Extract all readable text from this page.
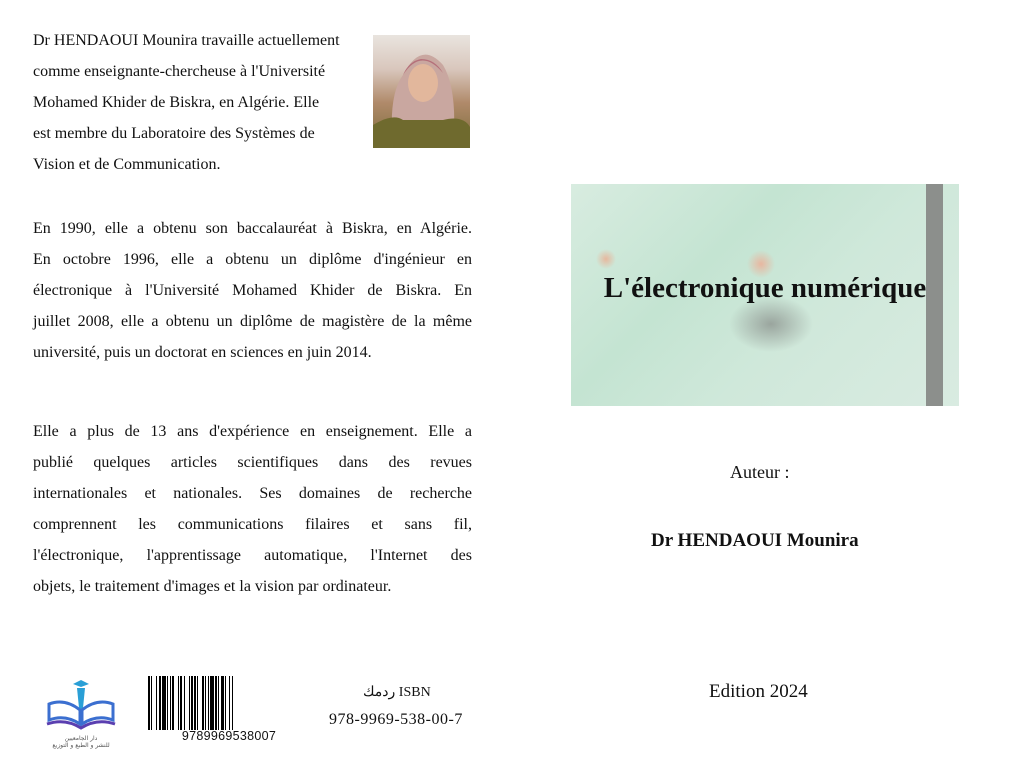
Dr HENDAOUI Mounira travaille actuellement
comme enseignante-chercheuse à l'Université
Mohamed Khider de Biskra, en Algérie. Elle
est membre du Laboratoire des Systèmes de
Vision et de Communication.
En 1990, elle a obtenu son baccalauréat à Biskra, en Algérie.
En octobre 1996, elle a obtenu un diplôme d'ingénieur en
électronique à l'Université Mohamed Khider de Biskra. En
juillet 2008, elle a obtenu un diplôme de magistère de la même
université, puis un doctorat en sciences en juin 2014.
Elle a plus de 13 ans d'expérience en enseignement. Elle a
publié quelques articles scientifiques dans des revues
internationales et nationales. Ses domaines de recherche
comprennent les communications filaires et sans fil,
l'électronique, l'apprentissage automatique, l'Internet des
objets, le traitement d'images et la vision par ordinateur.
دار الجامعيين
للنشر و الطبع و التوزيع
9789969538007
ردمك ISBN
978-9969-538-00-7
L'électronique numérique
Auteur :
Dr HENDAOUI Mounira
Edition 2024
